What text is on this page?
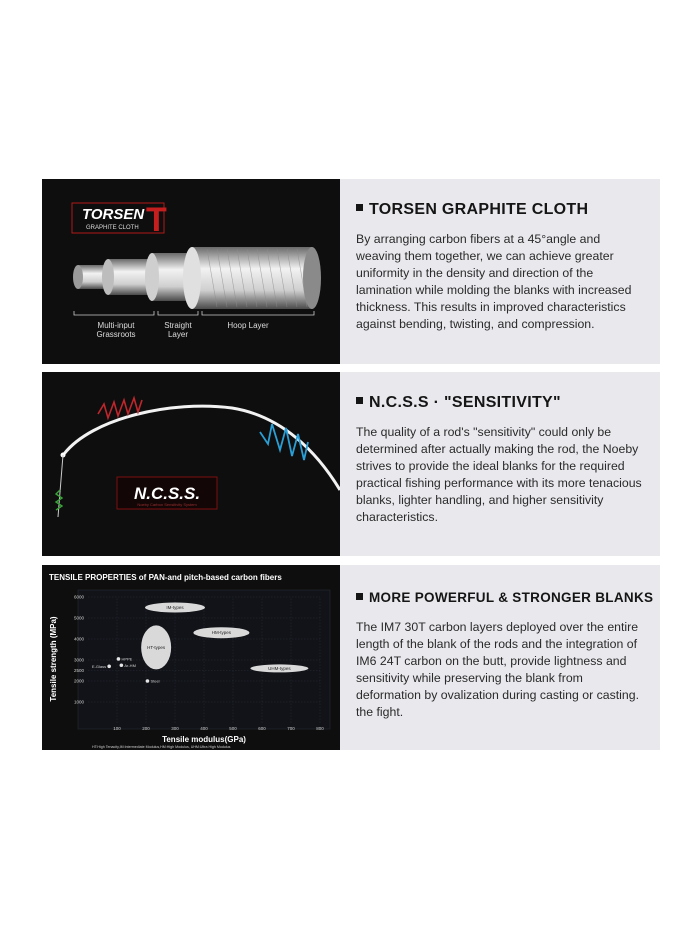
T
TORSEN
GRAPHITE CLOTH
Multi-input
Grassroots
Straight
Layer
Hoop Layer
TORSEN GRAPHITE CLOTH
By arranging carbon fibers at a 45°angle and weaving them together, we can achieve greater uniformity in the density and direction of the lamination while molding the blanks with increased thickness. This results in improved characteristics against bending, twisting, and compression.
N.C.S.S.
Noeby Carbon Sensitivity System
N.C.S.S · "SENSITIVITY"
The quality of a rod's "sensitivity" could only be determined after actually making the rod, the Noeby strives to provide the ideal blanks for the required practical fishing performance with its more tenacious blanks, lighter handling, and higher sensitivity characteristics.
TENSILE PROPERTIES of PAN-and pitch-based carbon fibers
100	200	300	400	500	600	700	800
1000
2000
2500
3000
4000
5000
6000
IM-types
HT-types
HM-types
UHM-types
E-Glass
HPPE
Ar-HM
Steel
Tensile modulus(GPa)
Tensile strength (MPa)
HT:High Tenacity,IM:Intermediate Modulus,HM:High Modulus, UHM:Ultra High Modulus
MORE POWERFUL & STRONGER BLANKS
The IM7 30T carbon layers deployed over the entire length of the blank of the rods and the integration of IM6 24T carbon on the butt, provide lightness and sensitivity while preserving the blank from deformation by ovalization during casting or casting. the fight.
